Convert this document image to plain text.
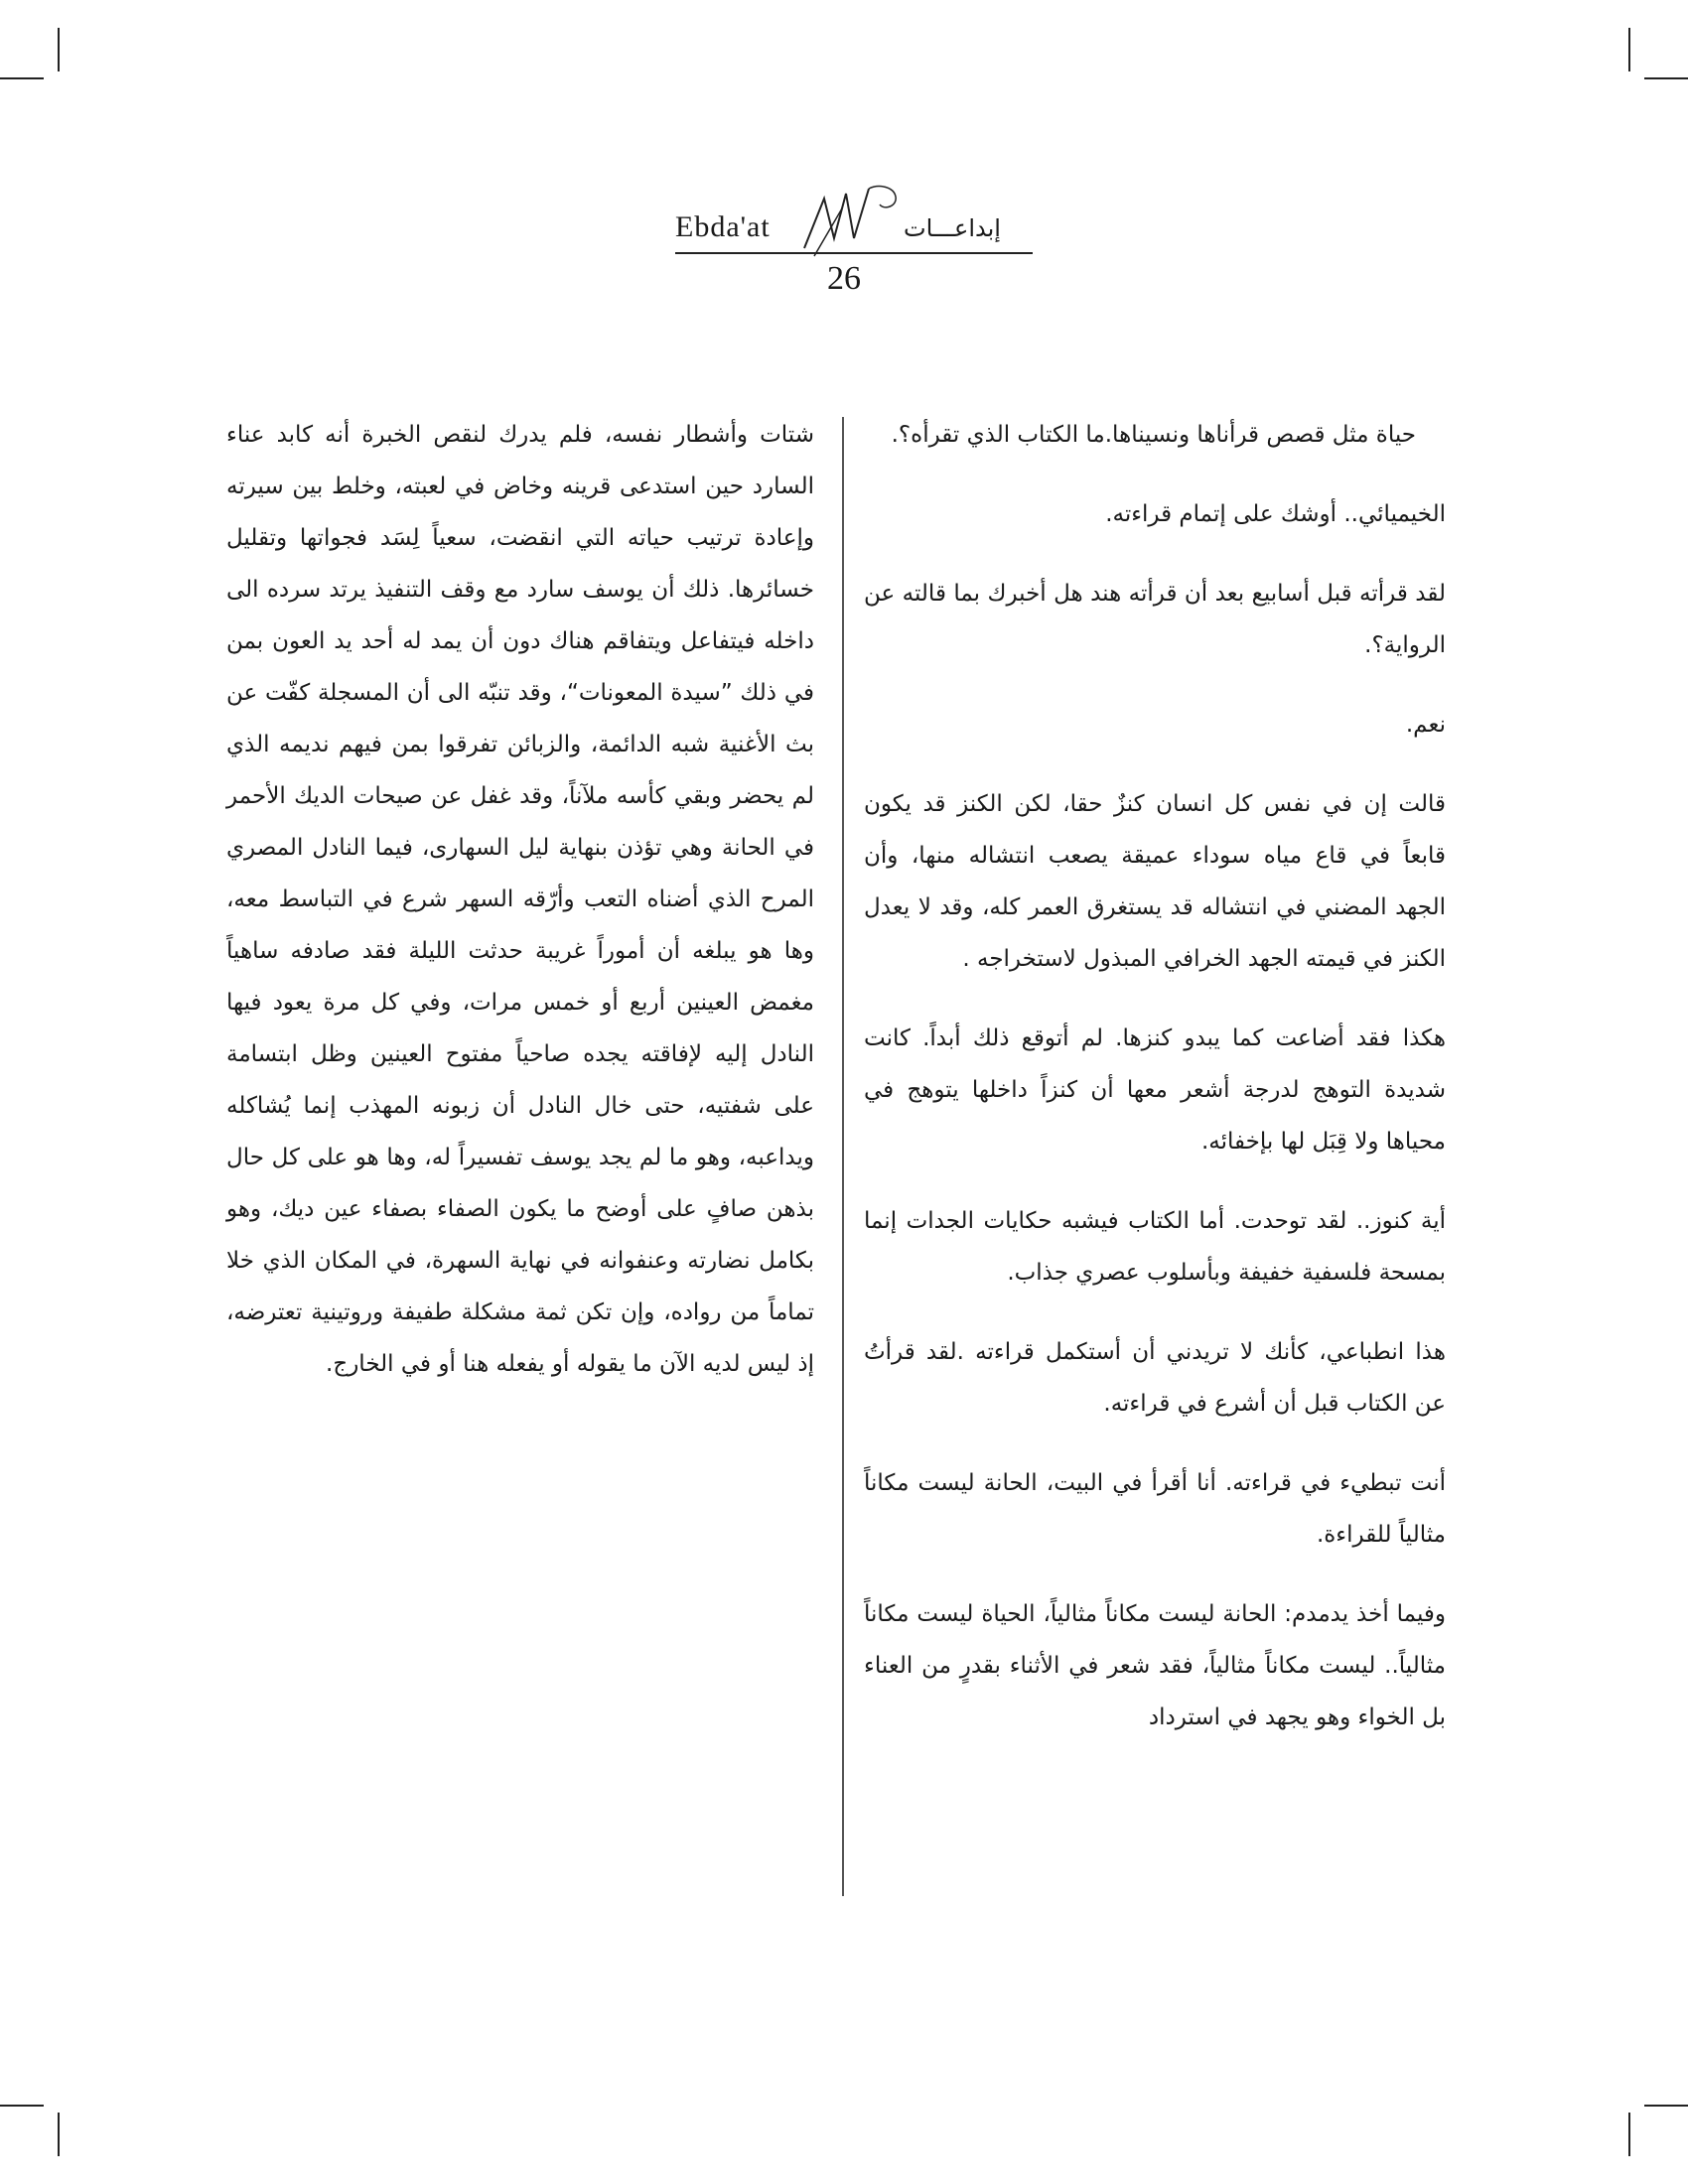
Ebda'at	إبداعـــات
26

حياة مثل قصص قرأناها ونسيناها.ما الكتاب الذي تقرأه؟.

الخيميائي.. أوشك على إتمام قراءته.

لقد قرأته قبل أسابيع بعد أن قرأته هند هل أخبرك بما قالته عن الرواية؟.

نعم.

قالت إن في نفس كل انسان كنزٌ حقا، لكن الكنز قد يكون قابعاً في قاع مياه سوداء عميقة يصعب انتشاله منها، وأن الجهد المضني في انتشاله قد يستغرق العمر كله، وقد لا يعدل الكنز في قيمته الجهد الخرافي المبذول لاستخراجه .

هكذا فقد أضاعت كما يبدو كنزها. لم أتوقع ذلك أبداً. كانت شديدة التوهج لدرجة أشعر معها أن كنزاً داخلها يتوهج في محياها ولا قِبَل لها بإخفائه.

أية كنوز.. لقد توحدت. أما الكتاب فيشبه حكايات الجدات إنما بمسحة فلسفية خفيفة وبأسلوب عصري جذاب.

هذا انطباعي، كأنك لا تريدني أن أستكمل قراءته .لقد قرأتُ عن الكتاب قبل أن أشرع في قراءته.

أنت تبطيء في قراءته. أنا أقرأ في البيت، الحانة ليست مكاناً مثالياً للقراءة.

وفيما أخذ يدمدم: الحانة ليست مكاناً مثالياً، الحياة ليست مكاناً مثالياً.. ليست مكاناً مثالياً، فقد شعر في الأثناء بقدرٍ من العناء بل الخواء وهو يجهد في استرداد

شتات وأشطار نفسه، فلم يدرك لنقص الخبرة أنه كابد عناء السارد حين استدعى قرينه وخاض في لعبته، وخلط بين سيرته وإعادة ترتيب حياته التي انقضت، سعياً لِسَد فجواتها وتقليل خسائرها. ذلك أن يوسف سارد مع وقف التنفيذ يرتد سرده الى داخله فيتفاعل ويتفاقم هناك دون أن يمد له أحد يد العون بمن في ذلك ”سيدة المعونات“، وقد تنبّه الى أن المسجلة كفّت عن بث الأغنية شبه الدائمة، والزبائن تفرقوا بمن فيهم نديمه الذي لم يحضر وبقي كأسه ملآناً، وقد غفل عن صيحات الديك الأحمر في الحانة وهي تؤذن بنهاية ليل السهارى، فيما النادل المصري المرح الذي أضناه التعب وأرّقه السهر شرع في التباسط معه، وها هو يبلغه أن أموراً غريبة حدثت الليلة فقد صادفه ساهياً مغمض العينين أربع أو خمس مرات، وفي كل مرة يعود فيها النادل إليه لإفاقته يجده صاحياً مفتوح العينين وظل ابتسامة على شفتيه، حتى خال النادل أن زبونه المهذب إنما يُشاكله ويداعبه، وهو ما لم يجد يوسف تفسيراً له، وها هو على كل حال بذهن صافٍ على أوضح ما يكون الصفاء بصفاء عين ديك، وهو بكامل نضارته وعنفوانه في نهاية السهرة، في المكان الذي خلا تماماً من رواده، وإن تكن ثمة مشكلة طفيفة وروتينية تعترضه، إذ ليس لديه الآن ما يقوله أو يفعله هنا أو في الخارج.
